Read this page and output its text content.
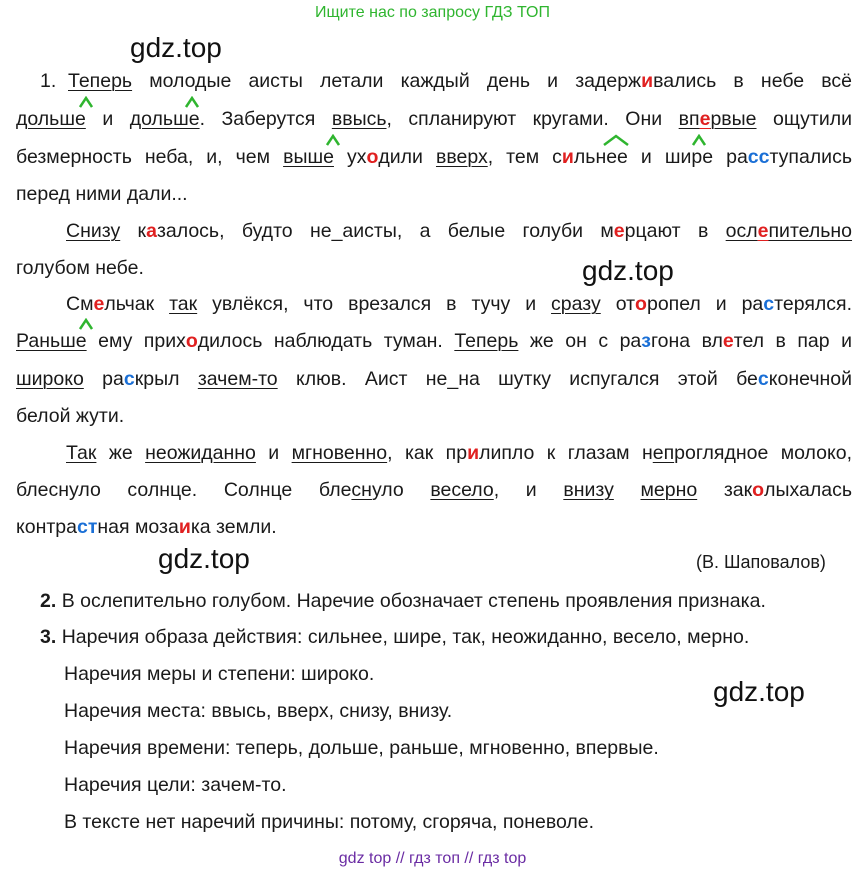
Ищите нас по запросу ГДЗ ТОП
gdz.top
gdz.top
gdz.top
gdz.top
1. Теперь молодые аисты летали каждый день и задерживались в небе всё
дольше и дольше. Заберутся ввысь, спланируют кругами. Они впервые ощутили
безмерность неба, и, чем выше уходили вверх, тем сильнее и шире расступались
перед ними дали...
Снизу казалось, будто не_аисты, а белые голуби мерцают в ослепительно
голубом небе.
Смельчак так увлёкся, что врезался в тучу и сразу оторопел и растерялся.
Раньше ему приходилось наблюдать туман. Теперь же он с разгона влетел в пар и
широко раскрыл зачем-то клюв. Аист не_на шутку испугался этой бесконечной
белой жути.
Так же неожиданно и мгновенно, как прилипло к глазам непроглядное молоко,
блеснуло солнце. Солнце блеснуло весело, и внизу мерно заколыхалась
контрастная мозаика земли.
(В. Шаповалов)
2. В ослепительно голубом. Наречие обозначает степень проявления признака.
3. Наречия образа действия: сильнее, шире, так, неожиданно, весело, мерно.
Наречия меры и степени: широко.
Наречия места: ввысь, вверх, снизу, внизу.
Наречия времени: теперь, дольше, раньше, мгновенно, впервые.
Наречия цели: зачем-то.
В тексте нет наречий причины: потому, сгоряча, поневоле.
gdz top // гдз топ // гдз top
